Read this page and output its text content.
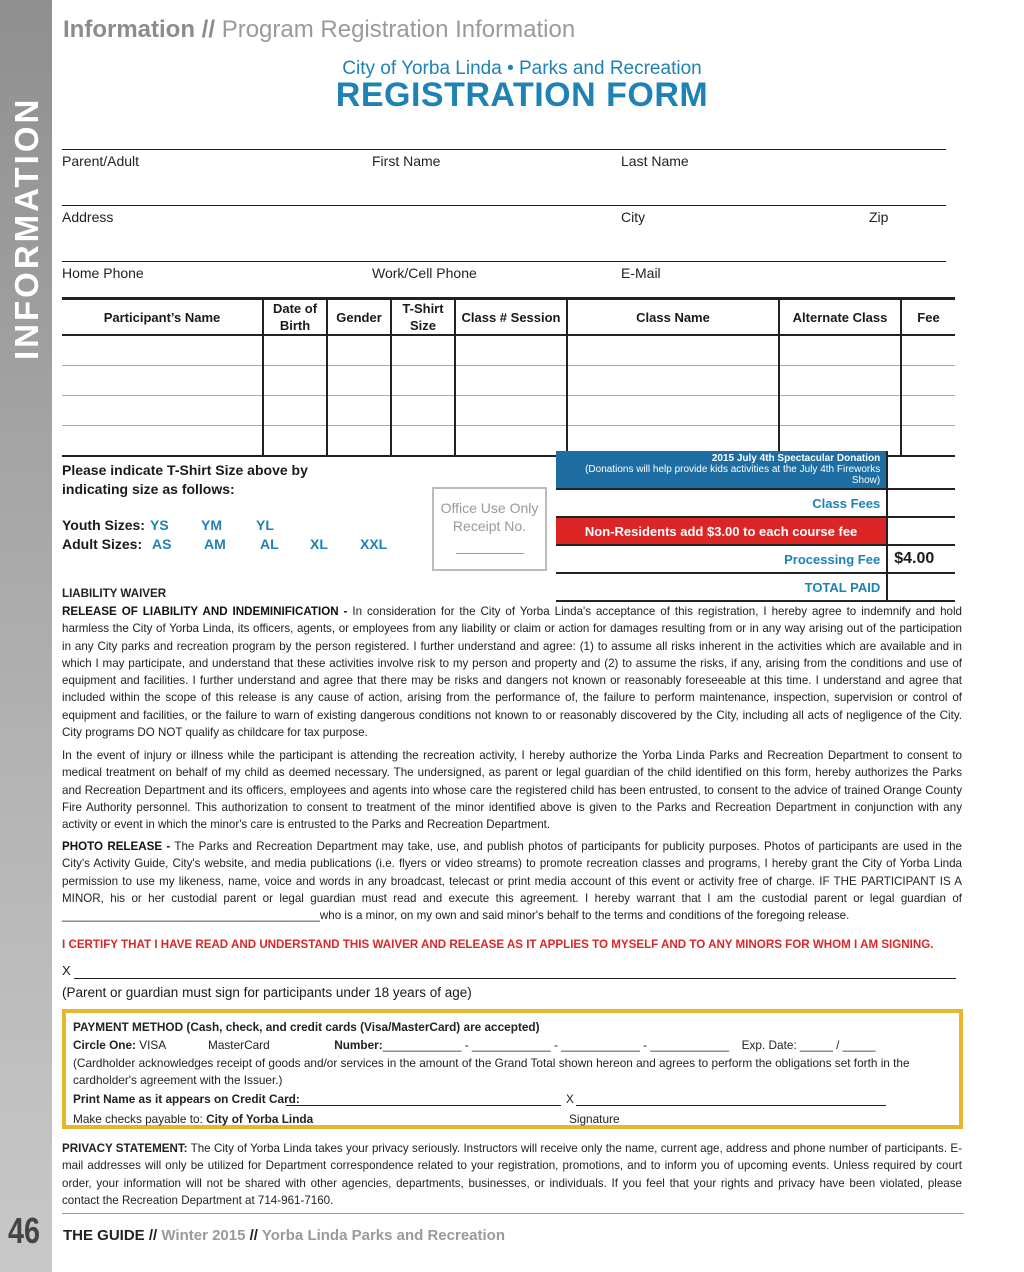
INFORMATION
46
Information // Program Registration Information
City of Yorba Linda • Parks and Recreation
REGISTRATION FORM
Parent/Adult	First Name	Last Name
Address	City	Zip
Home Phone	Work/Cell Phone	E-Mail
Participant’s Name	Date of Birth	Gender	T-Shirt Size	Class # Session	Class Name	Alternate Class	Fee

Please indicate T-Shirt Size above by indicating size as follows:
Youth Sizes: YS YM YL
Adult Sizes: AS AM AL XL XXL
Office Use Only
Receipt No.
2015 July 4th Spectacular Donation
(Donations will help provide kids activities at the July 4th Fireworks Show)	
Class Fees	
Non-Residents add $3.00 to each course fee	
Processing Fee	$4.00
TOTAL PAID	
LIABILITY WAIVER
RELEASE OF LIABILITY AND INDEMINIFICATION - In consideration for the City of Yorba Linda's acceptance of this registration, I hereby agree to indemnify and hold harmless the City of Yorba Linda, its officers, agents, or employees from any liability or claim or action for damages resulting from or in any way arising out of the participation in any City parks and recreation program by the person registered. I further understand and agree: (1) to assume all risks inherent in the activities which are available and in which I may participate, and understand that these activities involve risk to my person and property and (2) to assume the risks, if any, arising from the conditions and use of equipment and facilities. I further understand and agree that there may be risks and dangers not known or reasonably foreseeable at this time. I understand and agree that included within the scope of this release is any cause of action, arising from the performance of, the failure to perform maintenance, inspection, supervision or control of equipment and facilities, or the failure to warn of existing dangerous conditions not known to or reasonably discovered by the City, including all acts of negligence of the City. City programs DO NOT qualify as childcare for tax purpose.
In the event of injury or illness while the participant is attending the recreation activity, I hereby authorize the Yorba Linda Parks and Recreation Department to consent to medical treatment on behalf of my child as deemed necessary. The undersigned, as parent or legal guardian of the child identified on this form, hereby authorizes the Parks and Recreation Department and its officers, employees and agents into whose care the registered child has been entrusted, to consent to the advice of trained Orange County Fire Authority personnel. This authorization to consent to treatment of the minor identified above is given to the Parks and Recreation Department in conjunction with any activity or event in which the minor's care is entrusted to the Parks and Recreation Department.
PHOTO RELEASE - The Parks and Recreation Department may take, use, and publish photos of participants for publicity purposes. Photos of participants are used in the City's Activity Guide, City's website, and media publications (i.e. flyers or video streams) to promote recreation classes and programs, I hereby grant the City of Yorba Linda permission to use my likeness, name, voice and words in any broadcast, telecast or print media account of this event or activity free of charge. IF THE PARTICIPANT IS A MINOR, his or her custodial parent or legal guardian must read and execute this agreement. I hereby warrant that I am the custodial parent or legal guardian of ________________________________________who is a minor, on my own and said minor's behalf to the terms and conditions of the foregoing release.
I CERTIFY THAT I HAVE READ AND UNDERSTAND THIS WAIVER AND RELEASE AS IT APPLIES TO MYSELF AND TO ANY MINORS FOR WHOM I AM SIGNING.
X
(Parent or guardian must sign for participants under 18 years of age)
PAYMENT METHOD (Cash, check, and credit cards (Visa/MasterCard) are accepted)
Circle One: VISA	MasterCard	Number:____________ - ____________ - ____________ - ____________ Exp. Date: _____ / _____
(Cardholder acknowledges receipt of goods and/or services in the amount of the Grand Total shown hereon and agrees to perform the obligations set forth in the cardholder's agreement with the Issuer.)
Print Name as it appears on Credit Card:	X
Make checks payable to: City of Yorba Linda	Signature
PRIVACY STATEMENT: The City of Yorba Linda takes your privacy seriously. Instructors will receive only the name, current age, address and phone number of participants. E-mail addresses will only be utilized for Department correspondence related to your registration, promotions, and to inform you of upcoming events. Unless required by court order, your information will not be shared with other agencies, departments, businesses, or individuals. If you feel that your rights and privacy have been violated, please contact the Recreation Department at 714-961-7160.
THE GUIDE // Winter 2015 // Yorba Linda Parks and Recreation
